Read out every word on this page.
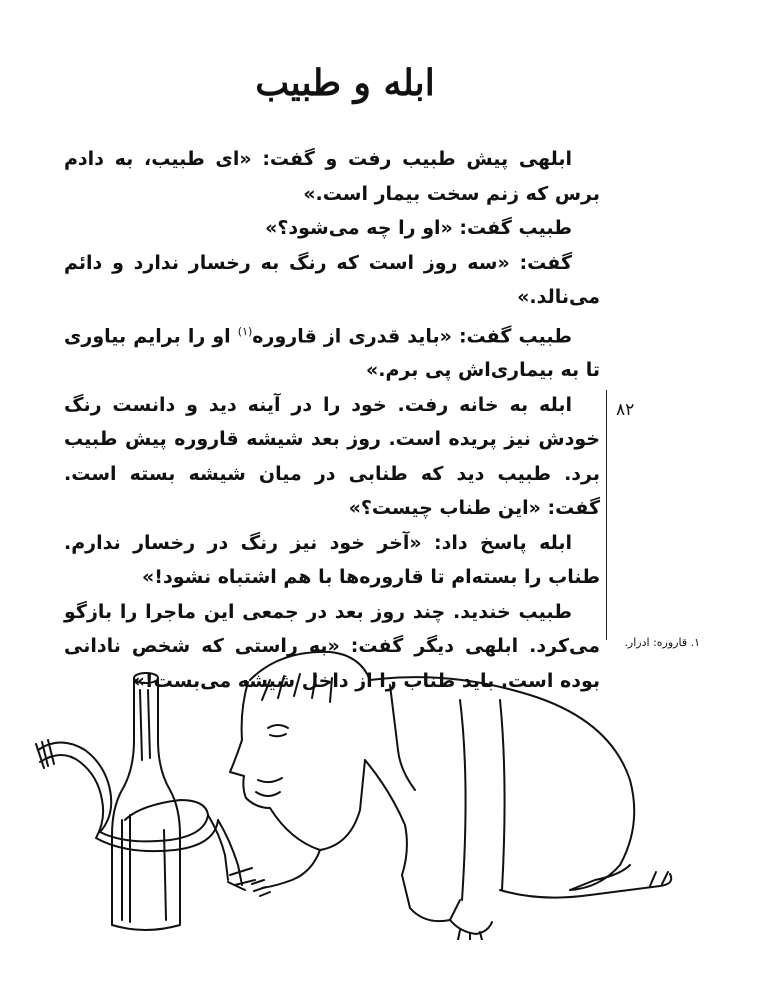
ابله و طبیب

ابلهی پیش طبیب رفت و گفت: «ای طبیب، به دادم برس که زنم سخت بیمار است.»

طبیب گفت: «او را چه می‌شود؟»

گفت: «سه روز است که رنگ به رخسار ندارد و دائم می‌نالد.»

طبیب گفت: «باید قدری از قاروره$^{(۱)}$ او را برایم بیاوری تا به بیماری‌اش پی برم.»

ابله به خانه رفت. خود را در آینه دید و دانست رنگ خودش نیز پریده است. روز بعد شیشه قاروره پیش طبیب برد. طبیب دید که طنابی در میان شیشه بسته است. گفت: «این طناب چیست؟»

ابله پاسخ داد: «آخر خود نیز رنگ در رخسار ندارم. طناب را بسته‌ام تا قاروره‌ها با هم اشتباه نشود!»

طبیب خندید. چند روز بعد در جمعی این ماجرا را بازگو می‌کرد. ابلهی دیگر گفت: «به راستی که شخص نادانی بوده است. باید طناب را از داخل شیشه می‌بست!»

۸۲
۱. قاروره: ادرار.
